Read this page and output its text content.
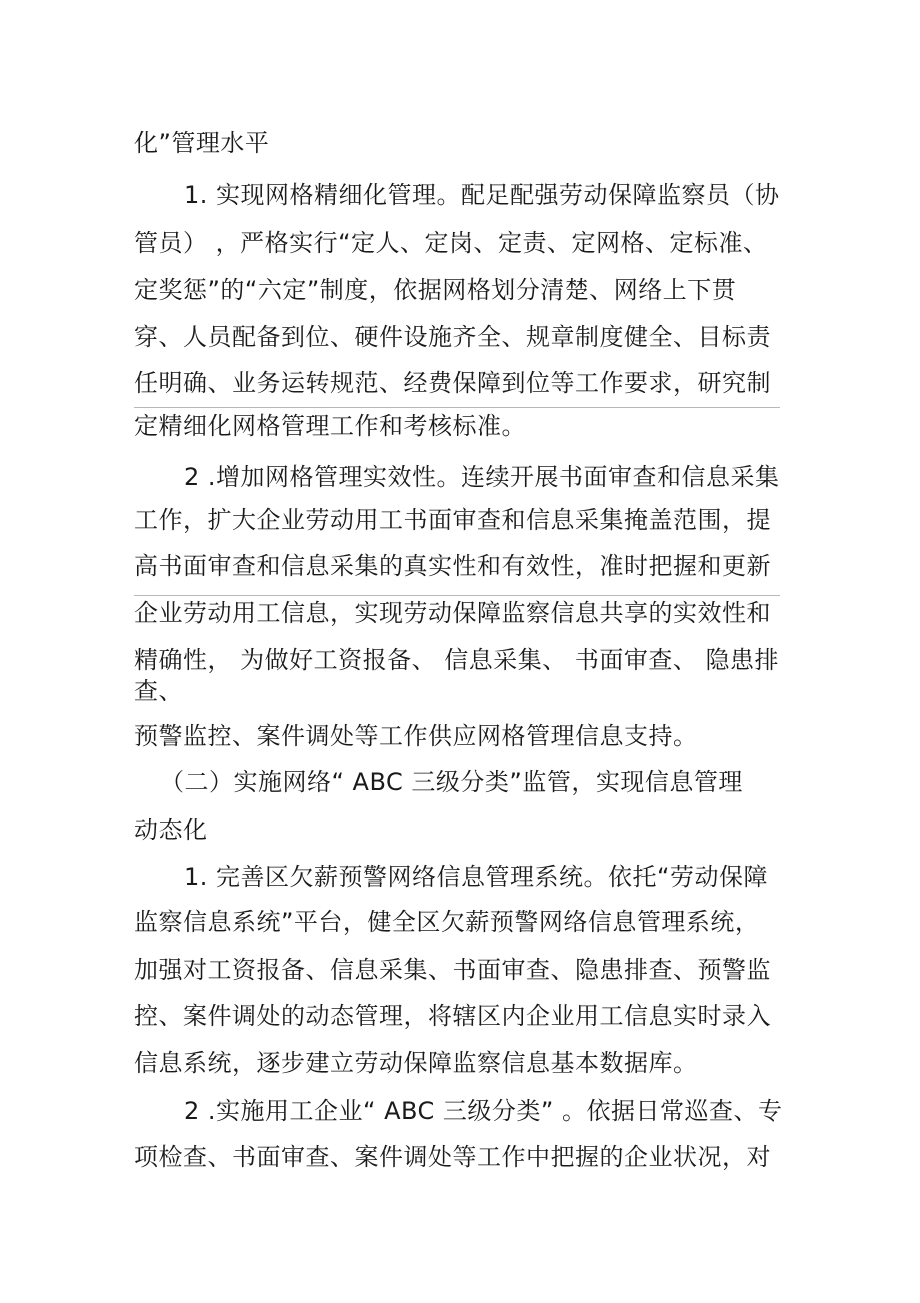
化”管理水平
1. 实现网格精细化管理。配足配强劳动保障监察员（协
管员） ，严格实行“定人、定岗、定责、定网格、定标准、
定奖惩”的“六定”制度，依据网格划分清楚、网络上下贯
穿、人员配备到位、硬件设施齐全、规章制度健全、目标责
任明确、业务运转规范、经费保障到位等工作要求，研究制
定精细化网格管理工作和考核标准。
2 .增加网格管理实效性。连续开展书面审查和信息采集
工作，扩大企业劳动用工书面审查和信息采集掩盖范围，提
高书面审查和信息采集的真实性和有效性，准时把握和更新
企业劳动用工信息，实现劳动保障监察信息共享的实效性和
精确性， 为做好工资报备、 信息采集、 书面审查、 隐患排
查、
预警监控、案件调处等工作供应网格管理信息支持。
（二）实施网络“ ABC 三级分类”监管，实现信息管理
动态化
1. 完善区欠薪预警网络信息管理系统。依托“劳动保障
监察信息系统”平台，健全区欠薪预警网络信息管理系统，
加强对工资报备、信息采集、书面审查、隐患排查、预警监
控、案件调处的动态管理，将辖区内企业用工信息实时录入
信息系统，逐步建立劳动保障监察信息基本数据库。
2 .实施用工企业“ ABC 三级分类” 。依据日常巡查、专
项检查、书面审查、案件调处等工作中把握的企业状况，对
